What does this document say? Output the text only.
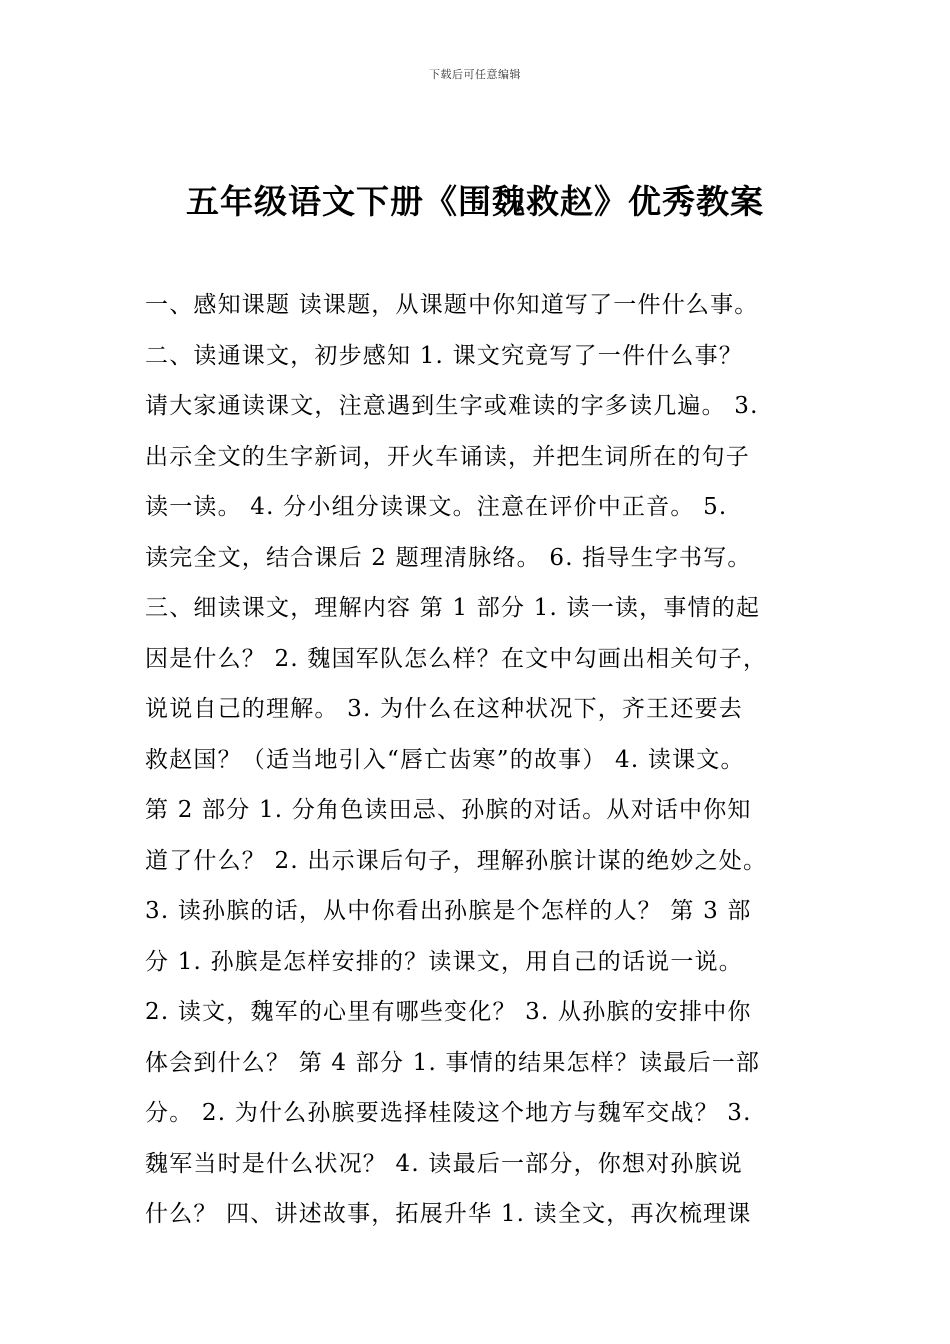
下载后可任意编辑
五年级语文下册《围魏救赵》优秀教案
一、感知课题 读课题，从课题中你知道写了一件什么事。
二、读通课文，初步感知 1. 课文究竟写了一件什么事？
请大家通读课文，注意遇到生字或难读的字多读几遍。 3.
出示全文的生字新词，开火车诵读，并把生词所在的句子
读一读。 4. 分小组分读课文。注意在评价中正音。 5.
读完全文，结合课后 2 题理清脉络。 6. 指导生字书写。
三、细读课文，理解内容 第 1 部分 1. 读一读，事情的起
因是什么？ 2. 魏国军队怎么样？在文中勾画出相关句子，
说说自己的理解。 3. 为什么在这种状况下，齐王还要去
救赵国？（适当地引入“唇亡齿寒”的故事） 4. 读课文。
第 2 部分 1. 分角色读田忌、孙膑的对话。从对话中你知
道了什么？ 2. 出示课后句子，理解孙膑计谋的绝妙之处。
3. 读孙膑的话，从中你看出孙膑是个怎样的人？ 第 3 部
分 1. 孙膑是怎样安排的？读课文，用自己的话说一说。
2. 读文，魏军的心里有哪些变化？ 3. 从孙膑的安排中你
体会到什么？ 第 4 部分 1. 事情的结果怎样？读最后一部
分。 2. 为什么孙膑要选择桂陵这个地方与魏军交战？ 3.
魏军当时是什么状况？ 4. 读最后一部分，你想对孙膑说
什么？ 四、讲述故事，拓展升华 1. 读全文，再次梳理课
